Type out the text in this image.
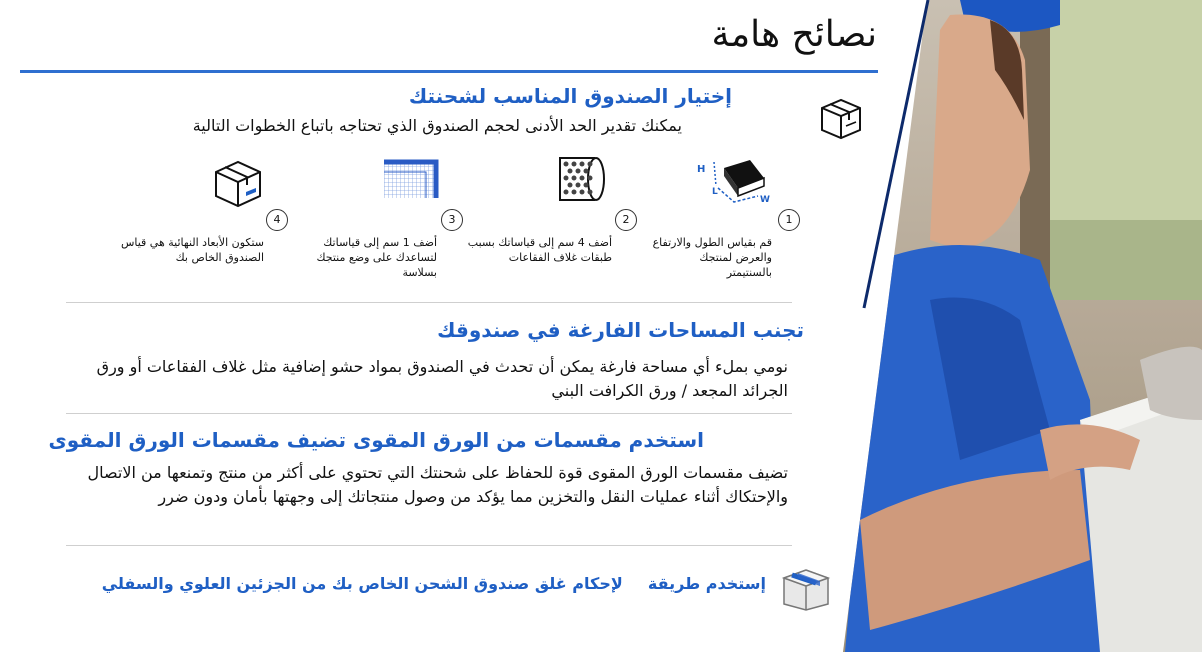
نصائح هامة
إختيار الصندوق المناسب لشحنتك
يمكنك تقدير الحد الأدنى لحجم الصندوق الذي تحتاجه باتباع الخطوات التالية
H
L
W
1
2
3
4
قم بقياس الطول والارتفاع
والعرض لمنتجك
بالسنتيمتر
أضف 4 سم إلى قياساتك بسبب
طبقات غلاف الفقاعات
أضف 1 سم إلى قياساتك
لتساعدك على وضع منتجك
بسلاسة
ستكون الأبعاد النهائية هي قياس
الصندوق الخاص بك
تجنب المساحات الفارغة في صندوقك
نومي بملء أي مساحة فارغة يمكن أن تحدث في الصندوق بمواد حشو إضافية مثل غلاف الفقاعات أو ورق
الجرائد المجعد / ورق الكرافت البني
استخدم مقسمات من الورق المقوى تضيف مقسمات الورق المقوى
تضيف مقسمات الورق المقوى قوة للحفاظ على شحنتك التي تحتوي على أكثر من منتج وتمنعها من الاتصال
والإحتكاك أثناء عمليات النقل والتخزين مما يؤكد من وصول منتجاتك إلى وجهتها بأمان ودون ضرر
إستخدم طريقة  لإحكام غلق صندوق الشحن الخاص بك من الجزئين العلوي والسفلي
